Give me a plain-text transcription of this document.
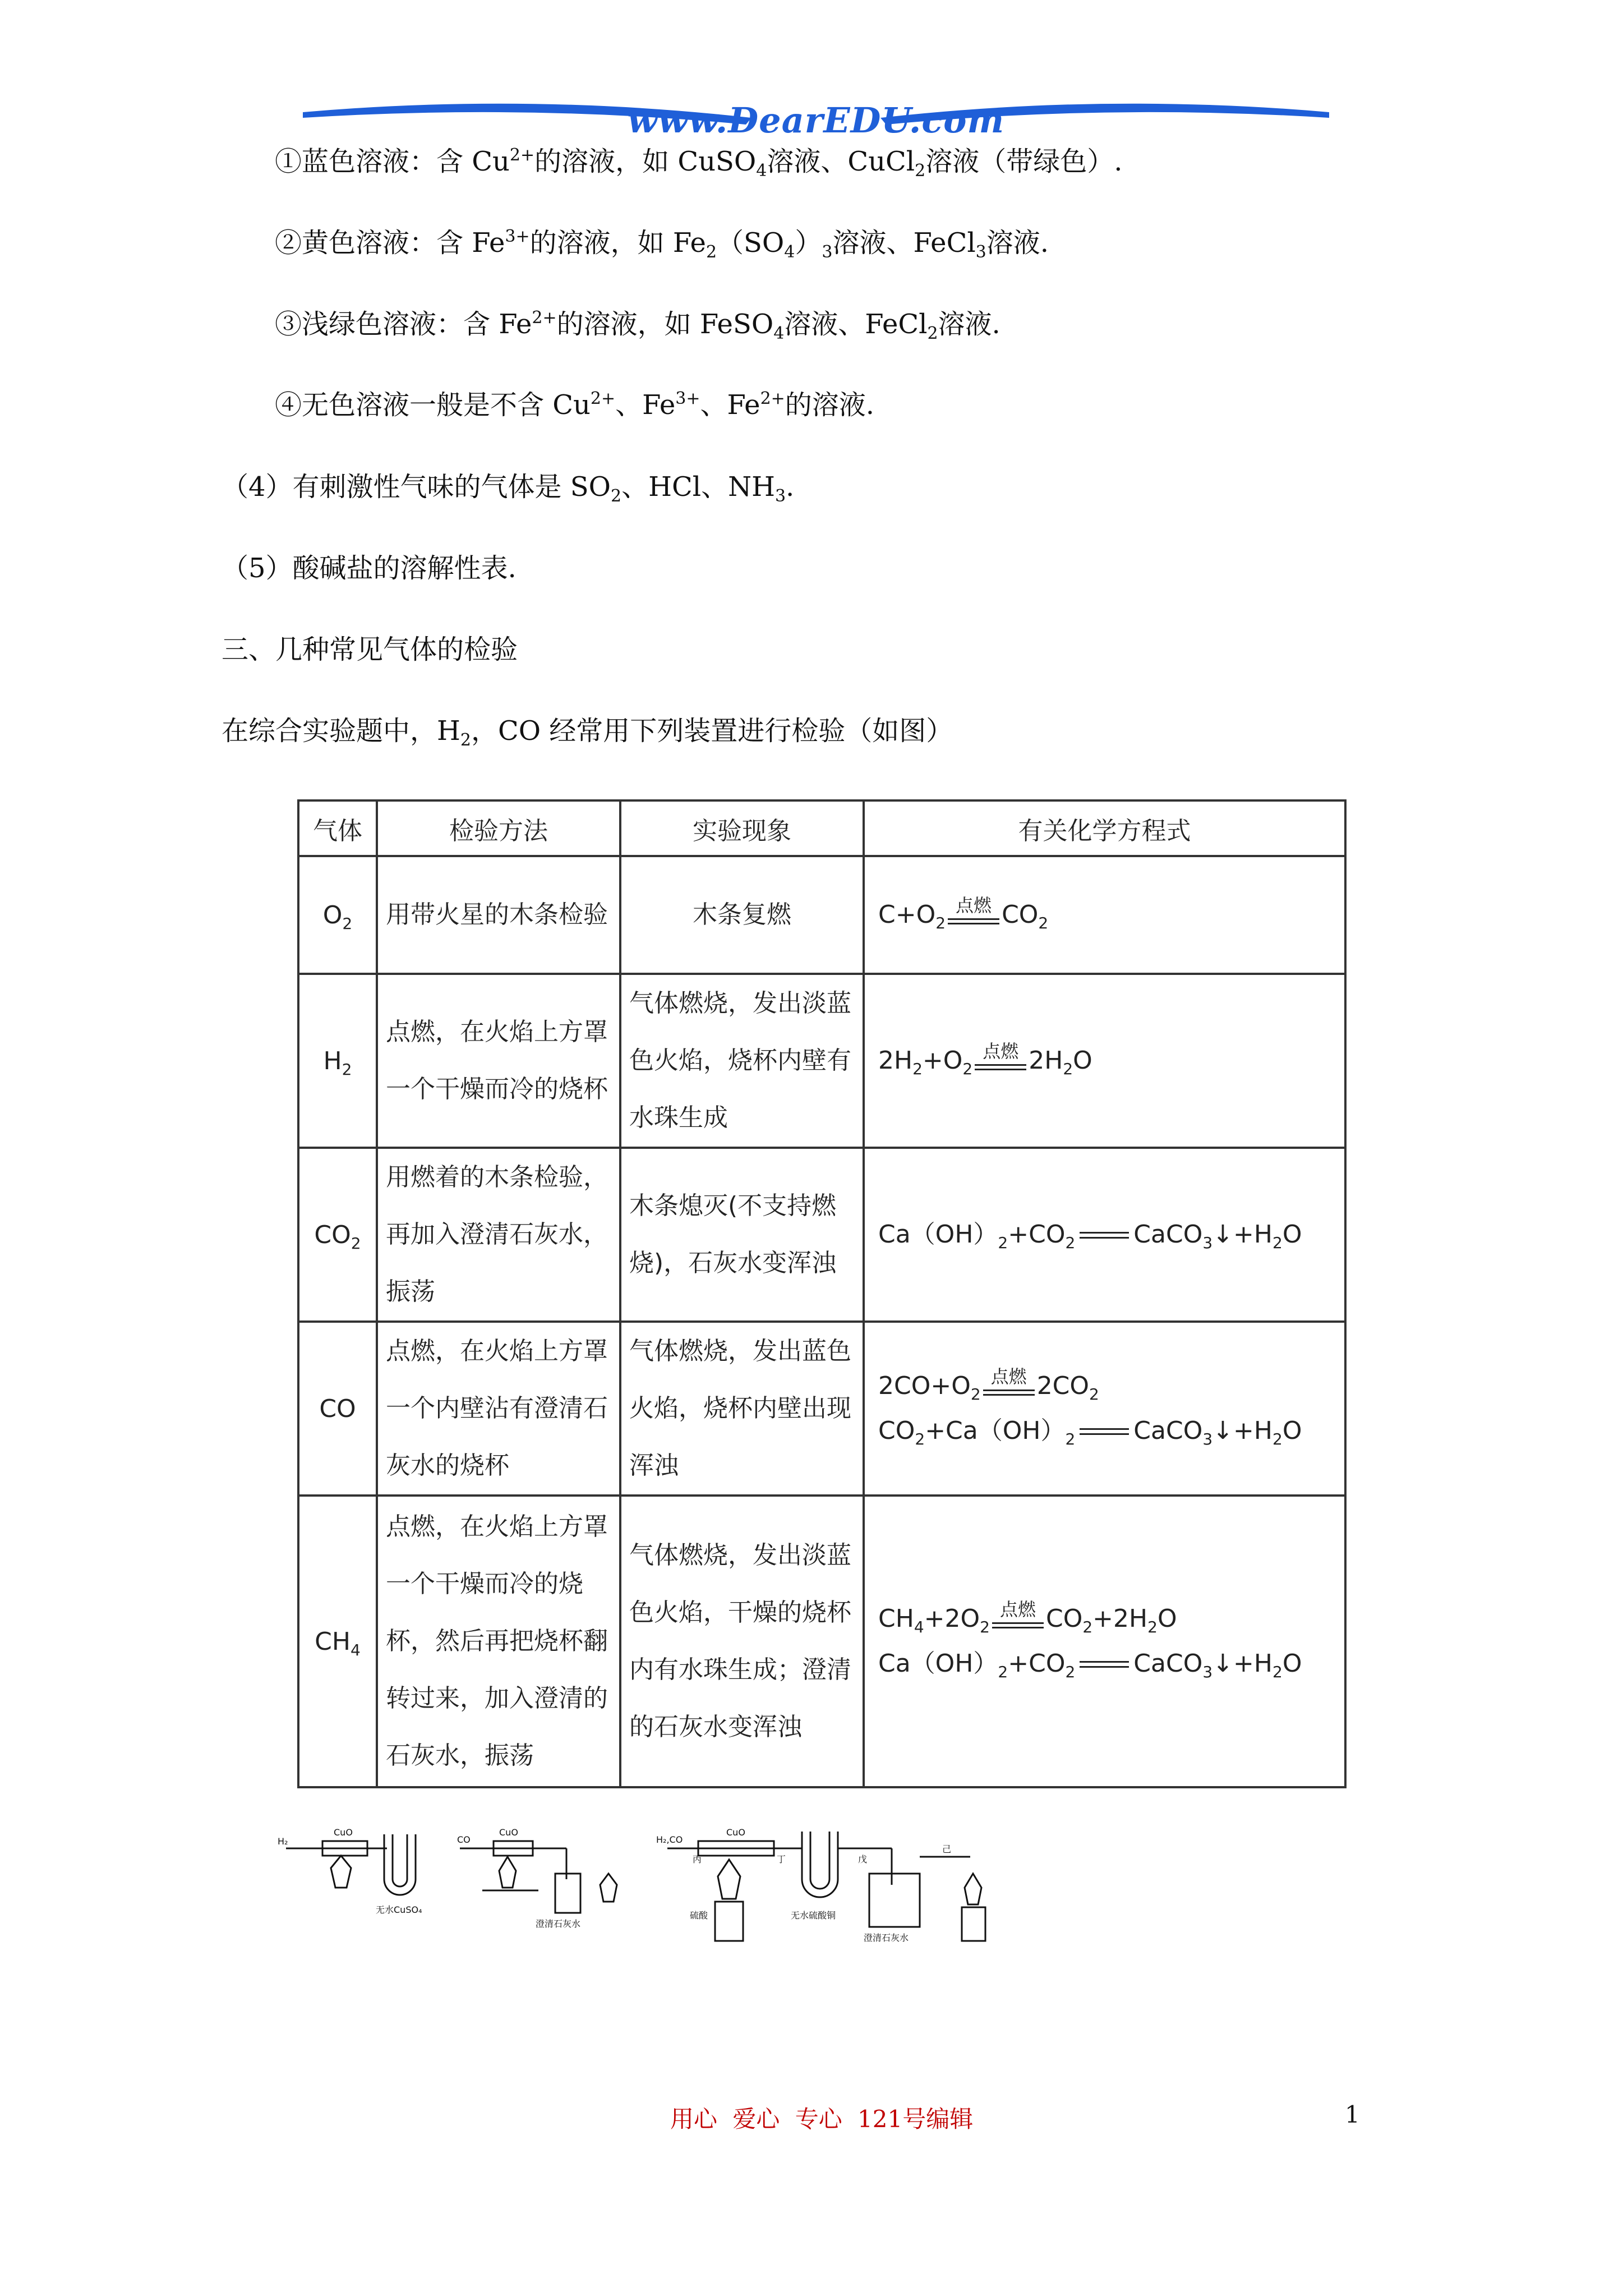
www.DearEDU.com
①蓝色溶液：含 $Cu^{2+}$的溶液，如 CuSO$_4$溶液、CuCl$_2$溶液（带绿色）.
②黄色溶液：含 $Fe^{3+}$的溶液，如 $Fe_2(SO_4)_3$溶液、FeCl$_3$溶液.
③浅绿色溶液：含 $Fe^{2+}$的溶液，如 FeSO$_4$溶液、FeCl$_2$溶液.
④无色溶液一般是不含 $Cu^{2+}$、$Fe^{3+}$、$Fe^{2+}$的溶液.
（4）有刺激性气味的气体是 $SO_2$、HCl、$NH_3$.
（5）酸碱盐的溶解性表.
三、几种常见气体的检验
在综合实验题中，$H_2$，CO 经常用下列装置进行检验（如图）
气体	检验方法	实验现象	有关化学方程式
$O_2$	用带火星的木条检验	木条复燃	$C+O_2$
点燃 $CO_2$

$H_2$	点燃，在火焰上方罩一个干燥而冷的烧杯	气体燃烧，发出淡蓝色火焰，烧杯内壁有水珠生成	$2H_2+O_2$
点燃 $2H_2O$

$CO_2$	用燃着的木条检验，再加入澄清石灰水，振荡	木条熄灭(不支持燃烧)，石灰水变浑浊	$Ca(OH)_2+CO_2$ $CaCO_3↓+H_2O$

CO	点燃，在火焰上方罩一个内壁沾有澄清石灰水的烧杯	气体燃烧，发出蓝色火焰，烧杯内壁出现浑浊	$2CO+O_2$
点燃 $2CO_2$
$CO_2+Ca(OH)_2$ $CaCO_3↓+H_2O$

$CH_4$	点燃，在火焰上方罩一个干燥而冷的烧杯，然后再把烧杯翻转过来，加入澄清的石灰水，振荡	气体燃烧，发出淡蓝色火焰，干燥的烧杯内有水珠生成；澄清的石灰水变浑浊	$CH_4+2O_2$
点燃 $CO_2+2H_2O$
$Ca(OH)_2+CO_2$ $CaCO_3↓+H_2O$
H₂
CuO
无水CuSO₄
CO
CuO
澄清石灰水
H₂,CO
CuO
丙	丁	戊
己
硫酸	无水硫酸铜
澄清石灰水
用心 爱心 专心 121号编辑	1
